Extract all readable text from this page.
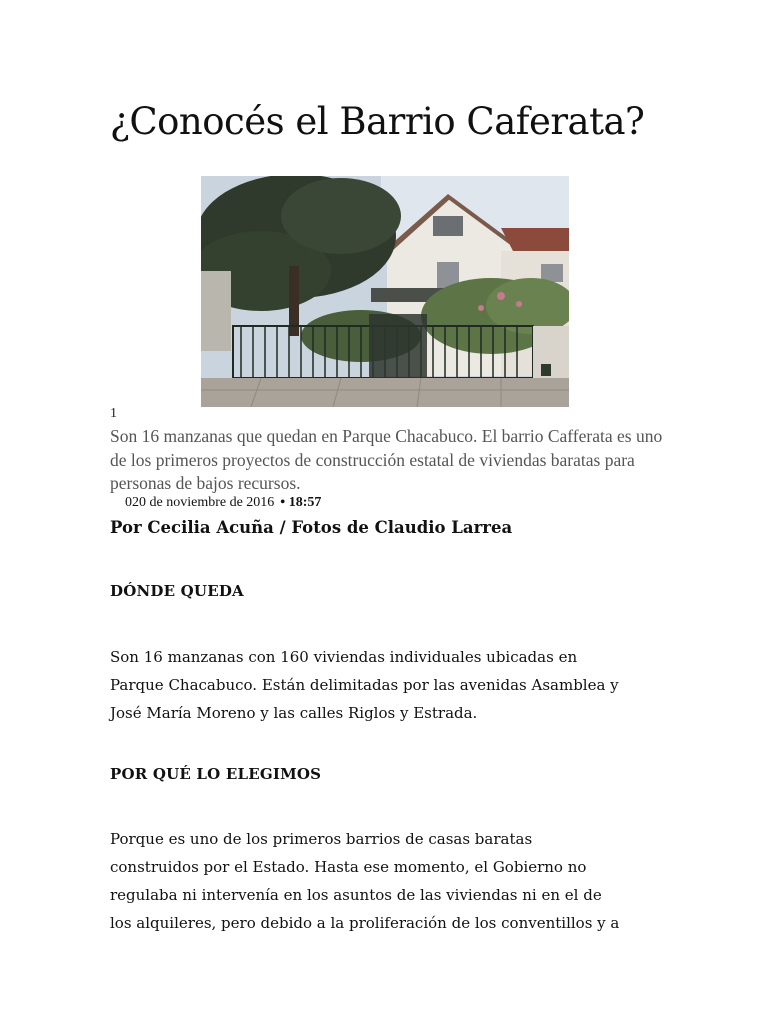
¿Conocés el Barrio Caferata?
1

Son 16 manzanas que quedan en Parque Chacabuco. El barrio Cafferata es uno de los primeros proyectos de construcción estatal de viviendas baratas para personas de bajos recursos.

020 de noviembre de 2016 • 18:57

Por Cecilia Acuña / Fotos de Claudio Larrea

DÓNDE QUEDA

Son 16 manzanas con 160 viviendas individuales ubicadas en
Parque Chacabuco. Están delimitadas por las avenidas Asamblea y
José María Moreno y las calles Riglos y Estrada.

POR QUÉ LO ELEGIMOS

Porque es uno de los primeros barrios de casas baratas
construidos por el Estado. Hasta ese momento, el Gobierno no
regulaba ni intervenía en los asuntos de las viviendas ni en el de
los alquileres, pero debido a la proliferación de los conventillos y a
